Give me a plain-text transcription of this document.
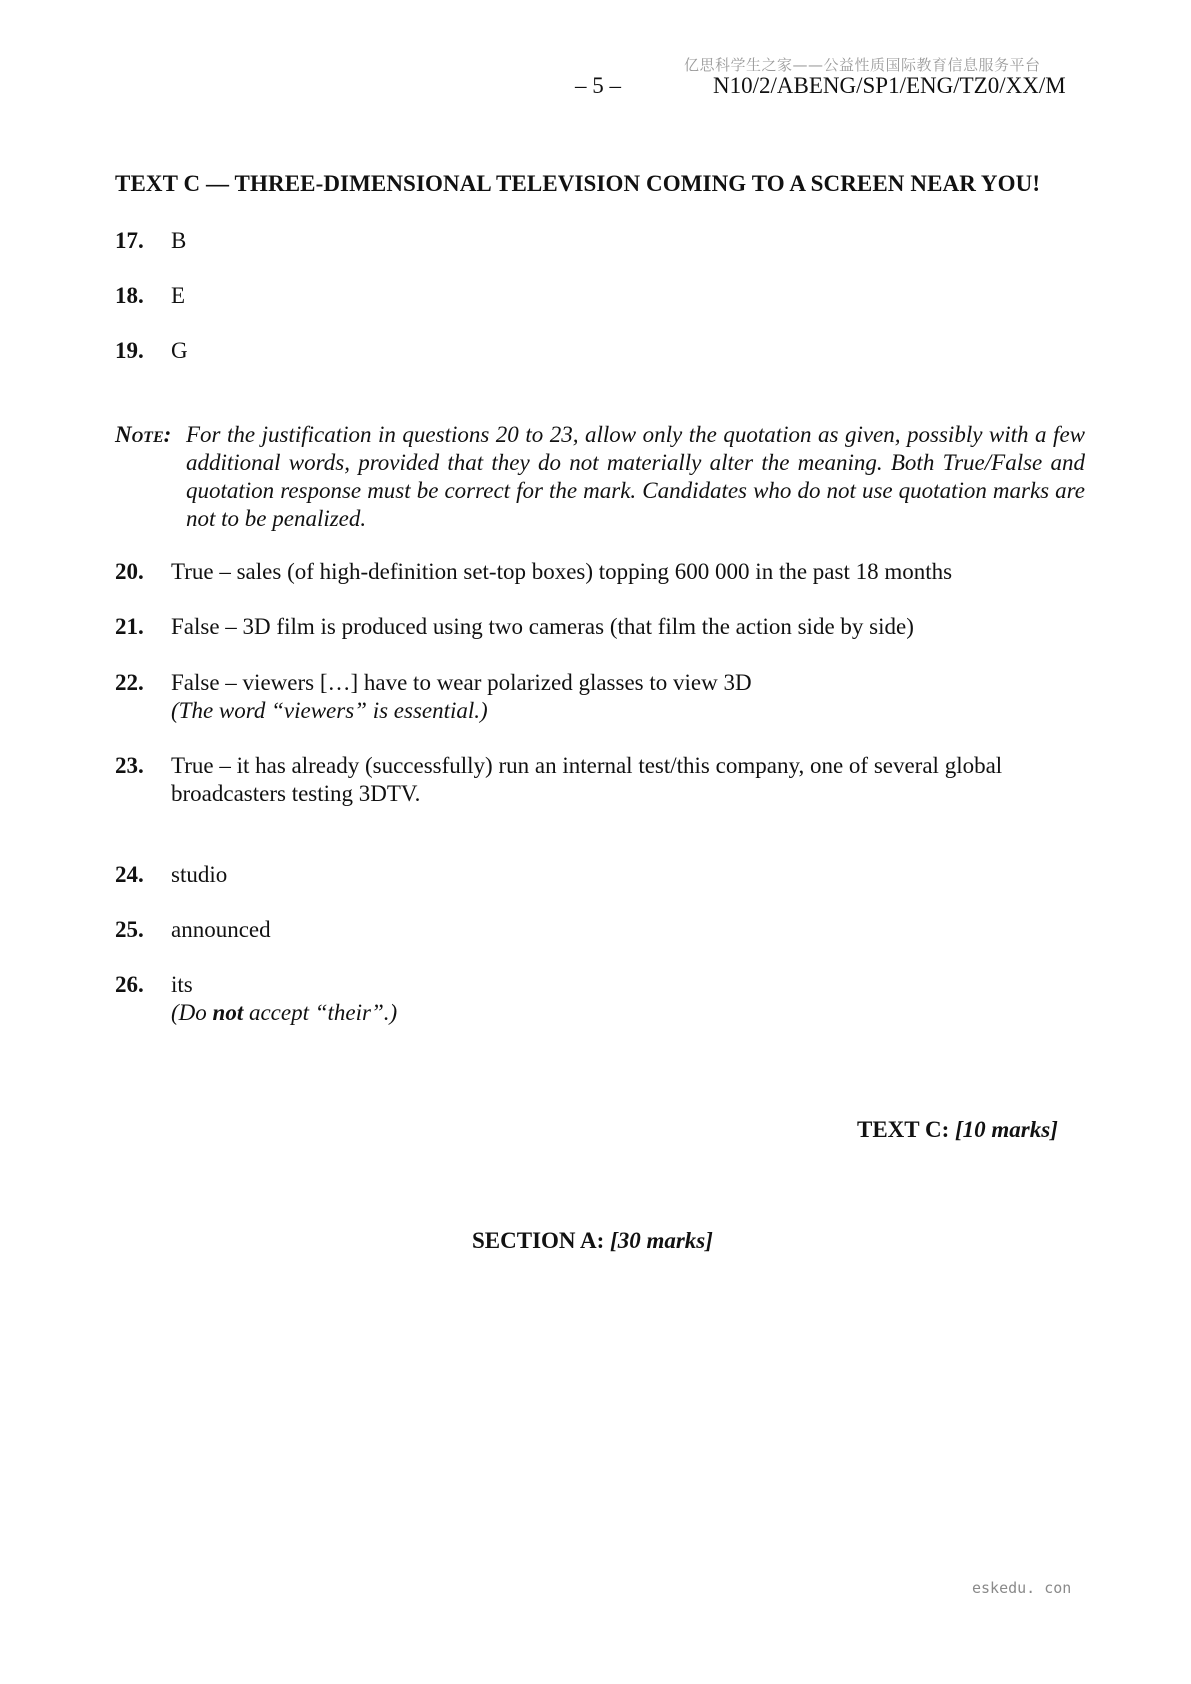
亿思科学生之家——公益性质国际教育信息服务平台
– 5 –	N10/2/ABENG/SP1/ENG/TZ0/XX/M
TEXT C — THREE-DIMENSIONAL TELEVISION COMING TO A SCREEN NEAR YOU!
17. B
18. E
19. G
Note: For the justification in questions 20 to 23, allow only the quotation as given, possibly with a few additional words, provided that they do not materially alter the meaning. Both True/False and quotation response must be correct for the mark. Candidates who do not use quotation marks are not to be penalized.
20. True – sales (of high-definition set-top boxes) topping 600 000 in the past 18 months
21. False – 3D film is produced using two cameras (that film the action side by side)
22. False – viewers […] have to wear polarized glasses to view 3D
(The word “viewers” is essential.)
23. True – it has already (successfully) run an internal test/this company, one of several global
broadcasters testing 3DTV.
24. studio
25. announced
26. its
(Do not accept “their”.)
TEXT C: [10 marks]
SECTION A: [30 marks]
eskedu. con
